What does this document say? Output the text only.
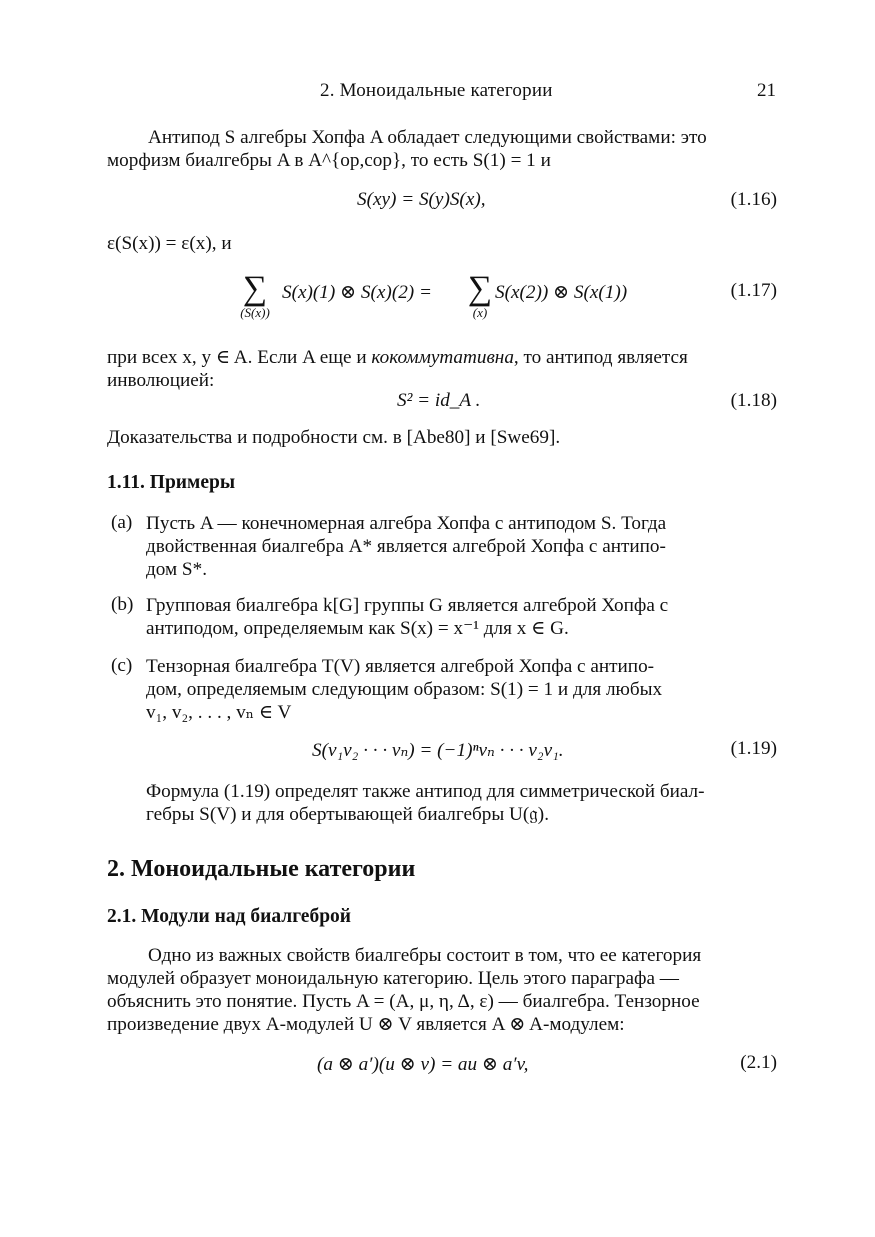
2. Моноидальные категории	21
Антипод S алгебры Хопфа A обладает следующими свойствами: это
морфизм биалгебры A в A^{op,cop}, то есть S(1) = 1 и
S(xy) = S(y)S(x),	(1.16)
ε(S(x)) = ε(x), и
∑
(S(x))
S(x)(1) ⊗ S(x)(2) = ∑
(x)
S(x(2)) ⊗ S(x(1))	(1.17)
при всех x, y ∈ A. Если A еще и кокоммутативна, то антипод является
инволюцией:
S² = id_A .	(1.18)
Доказательства и подробности см. в [Abe80] и [Swe69].
1.11. Примеры
(a) Пусть A — конечномерная алгебра Хопфа с антиподом S. Тогда
двойственная биалгебра A* является алгеброй Хопфа с антипо-
дом S*.
(b) Групповая биалгебра k[G] группы G является алгеброй Хопфа с
антиподом, определяемым как S(x) = x⁻¹ для x ∈ G.
(c) Тензорная биалгебра T(V) является алгеброй Хопфа с антипо-
дом, определяемым следующим образом: S(1) = 1 и для любых
v₁, v₂, . . . , vₙ ∈ V
S(v₁v₂ · · · vₙ) = (−1)ⁿvₙ · · · v₂v₁.	(1.19)
Формула (1.19) определят также антипод для симметрической биал-
гебры S(V) и для обертывающей биалгебры U(𝔤).
2. Моноидальные категории
2.1. Модули над биалгеброй
Одно из важных свойств биалгебры состоит в том, что ее категория
модулей образует моноидальную категорию. Цель этого параграфа —
объяснить это понятие. Пусть A = (A, μ, η, Δ, ε) — биалгебра. Тензорное
произведение двух A-модулей U ⊗ V является A ⊗ A-модулем:
(a ⊗ a′)(u ⊗ v) = au ⊗ a′v,	(2.1)
